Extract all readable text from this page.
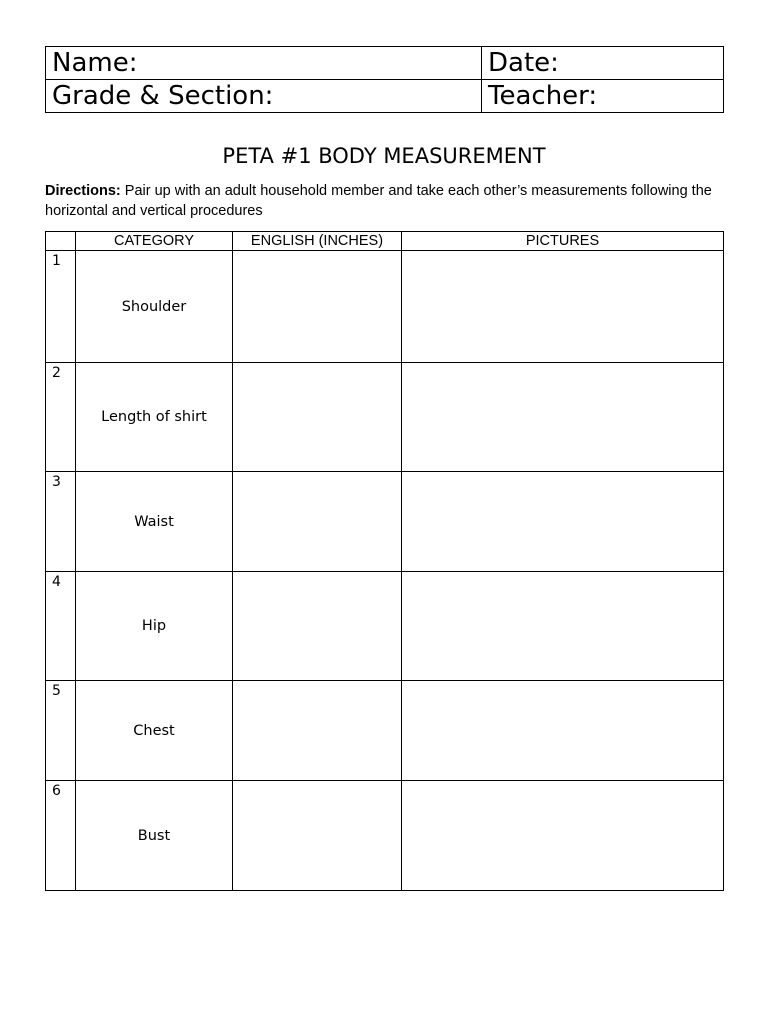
Name:	Date:
Grade & Section:	Teacher:
PETA #1 BODY MEASUREMENT
Directions: Pair up with an adult household member and take each other’s measurements following the horizontal and vertical procedures
	CATEGORY	ENGLISH (INCHES)	PICTURES
1	Shoulder		
2	Length of shirt		
3	Waist		
4	Hip		
5	Chest		
6	Bust		
